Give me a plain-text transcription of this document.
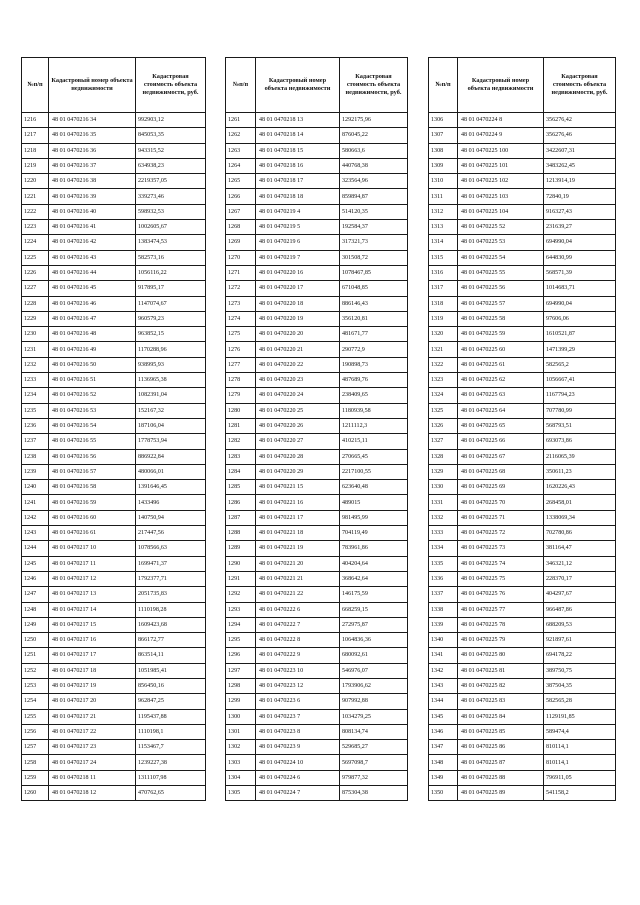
№п/п	Кадастровый номер объекта недвижимости	Кадастровая стоимость объекта недвижимости, руб.
1216	48 01 0470216 34	992903,12
1217	48 01 0470216 35	845053,35
1218	48 01 0470216 36	943315,52
1219	48 01 0470216 37	634938,23
1220	48 01 0470216 38	2219357,05
1221	48 01 0470216 39	339273,46
1222	48 01 0470216 40	598932,53
1223	48 01 0470216 41	1002605,67
1224	48 01 0470216 42	1383474,53
1225	48 01 0470216 43	582573,16
1226	48 01 0470216 44	1056116,22
1227	48 01 0470216 45	917895,17
1228	48 01 0470216 46	1147074,67
1229	48 01 0470216 47	960579,23
1230	48 01 0470216 48	963852,15
1231	48 01 0470216 49	1170288,96
1232	48 01 0470216 50	938995,93
1233	48 01 0470216 51	1136965,38
1234	48 01 0470216 52	1082391,04
1235	48 01 0470216 53	152167,32
1236	48 01 0470216 54	187106,04
1237	48 01 0470216 55	1778753,94
1238	48 01 0470216 56	886922,84
1239	48 01 0470216 57	480066,01
1240	48 01 0470216 58	1391646,45
1241	48 01 0470216 59	1433496
1242	48 01 0470216 60	140750,94
1243	48 01 0470216 61	217447,56
1244	48 01 0470217 10	1078566,63
1245	48 01 0470217 11	1699471,37
1246	48 01 0470217 12	1792377,71
1247	48 01 0470217 13	2051735,83
1248	48 01 0470217 14	1110198,28
1249	48 01 0470217 15	1609423,68
1250	48 01 0470217 16	866172,77
1251	48 01 0470217 17	863514,11
1252	48 01 0470217 18	1051985,41
1253	48 01 0470217 19	856450,16
1254	48 01 0470217 20	962847,25
1255	48 01 0470217 21	1195437,88
1256	48 01 0470217 22	1110198,1
1257	48 01 0470217 23	1153467,7
1258	48 01 0470217 24	1239227,38
1259	48 01 0470218 11	1311107,98
1260	48 01 0470218 12	470762,65
№п/п	Кадастровый номер объекта недвижимости	Кадастровая стоимость объекта недвижимости, руб.
1261	48 01 0470218 13	1292175,96
1262	48 01 0470218 14	876045,22
1263	48 01 0470218 15	580663,6
1264	48 01 0470218 16	440768,38
1265	48 01 0470218 17	323564,96
1266	48 01 0470218 18	859894,87
1267	48 01 0470219 4	514120,35
1268	48 01 0470219 5	192584,37
1269	48 01 0470219 6	317321,73
1270	48 01 0470219 7	301508,72
1271	48 01 0470220 16	1078467,85
1272	48 01 0470220 17	671048,85
1273	48 01 0470220 18	886146,43
1274	48 01 0470220 19	356120,81
1275	48 01 0470220 20	481671,77
1276	48 01 0470220 21	290772,9
1277	48 01 0470220 22	190898,73
1278	48 01 0470220 23	487689,76
1279	48 01 0470220 24	238409,65
1280	48 01 0470220 25	1180939,58
1281	48 01 0470220 26	1211112,3
1282	48 01 0470220 27	410215,11
1283	48 01 0470220 28	270665,45
1284	48 01 0470220 29	2217100,55
1285	48 01 0470221 15	623640,48
1286	48 01 0470221 16	489015
1287	48 01 0470221 17	981495,99
1288	48 01 0470221 18	704119,49
1289	48 01 0470221 19	783961,86
1290	48 01 0470221 20	404204,64
1291	48 01 0470221 21	368642,64
1292	48 01 0470221 22	146175,59
1293	48 01 0470222 6	668259,15
1294	48 01 0470222 7	272975,87
1295	48 01 0470222 8	1064836,36
1296	48 01 0470222 9	680092,61
1297	48 01 0470223 10	546976,07
1298	48 01 0470223 12	1793906,62
1299	48 01 0470223 6	907992,88
1300	48 01 0470223 7	1034279,25
1301	48 01 0470223 8	808134,74
1302	48 01 0470223 9	529685,27
1303	48 01 0470224 10	5697098,7
1304	48 01 0470224 6	979877,32
1305	48 01 0470224 7	875304,38
№п/п	Кадастровый номер объекта недвижимости	Кадастровая стоимость объекта недвижимости, руб.
1306	48 01 0470224 8	356276,42
1307	48 01 0470224 9	356276,46
1308	48 01 0470225 100	3422607,31
1309	48 01 0470225 101	3483262,45
1310	48 01 0470225 102	1213914,19
1311	48 01 0470225 103	72840,19
1312	48 01 0470225 104	916327,43
1313	48 01 0470225 52	231639,27
1314	48 01 0470225 53	694990,04
1315	48 01 0470225 54	644830,99
1316	48 01 0470225 55	568571,39
1317	48 01 0470225 56	1014683,71
1318	48 01 0470225 57	694990,04
1319	48 01 0470225 58	97606,06
1320	48 01 0470225 59	1610521,87
1321	48 01 0470225 60	1471399,29
1322	48 01 0470225 61	582565,2
1323	48 01 0470225 62	1056667,41
1324	48 01 0470225 63	1167794,23
1325	48 01 0470225 64	707780,99
1326	48 01 0470225 65	568793,51
1327	48 01 0470225 66	693073,86
1328	48 01 0470225 67	2116065,39
1329	48 01 0470225 68	350611,23
1330	48 01 0470225 69	1620226,43
1331	48 01 0470225 70	268458,01
1332	48 01 0470225 71	1338069,34
1333	48 01 0470225 72	702780,86
1334	48 01 0470225 73	381164,47
1335	48 01 0470225 74	346321,12
1336	48 01 0470225 75	228370,17
1337	48 01 0470225 76	404297,67
1338	48 01 0470225 77	966487,86
1339	48 01 0470225 78	688209,53
1340	48 01 0470225 79	921897,61
1341	48 01 0470225 80	694178,22
1342	48 01 0470225 81	389750,75
1343	48 01 0470225 82	387504,35
1344	48 01 0470225 83	582565,28
1345	48 01 0470225 84	1129191,85
1346	48 01 0470225 85	589474,4
1347	48 01 0470225 86	810114,1
1348	48 01 0470225 87	810114,1
1349	48 01 0470225 88	796911,05
1350	48 01 0470225 89	541158,2
